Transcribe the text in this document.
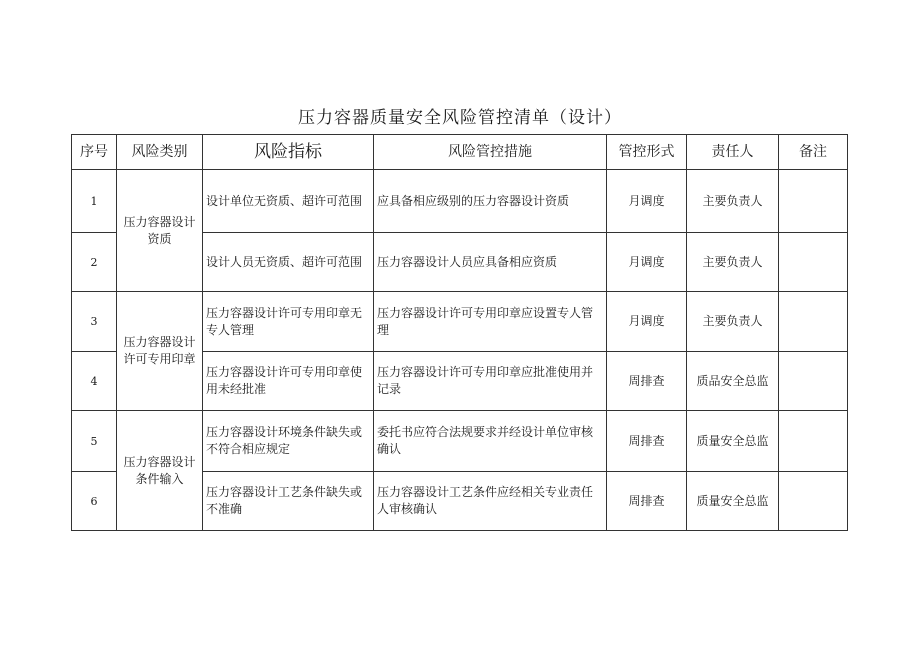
压力容器质量安全风险管控清单（设计）
序号	风险类别	风险指标	风险管控措施	管控形式	责任人	备注
1	压力容器设计资质	设计单位无资质、超许可范围	应具备相应级别的压力容器设计资质	月调度	主要负责人	
2		设计人员无资质、超许可范围	压力容器设计人员应具备相应资质	月调度	主要负责人	
3	压力容器设计许可专用印章	压力容器设计许可专用印章无专人管理	压力容器设计许可专用印章应设置专人管理	月调度	主要负责人	
4		压力容器设计许可专用印章使用未经批准	压力容器设计许可专用印章应批准使用并记录	周排查	质品安全总监	
5	压力容器设计条件输入	压力容器设计环境条件缺失或不符合相应规定	委托书应符合法规要求并经设计单位审核确认	周排查	质量安全总监	
6		压力容器设计工艺条件缺失或不准确	压力容器设计工艺条件应经相关专业责任人审核确认	周排查	质量安全总监	
